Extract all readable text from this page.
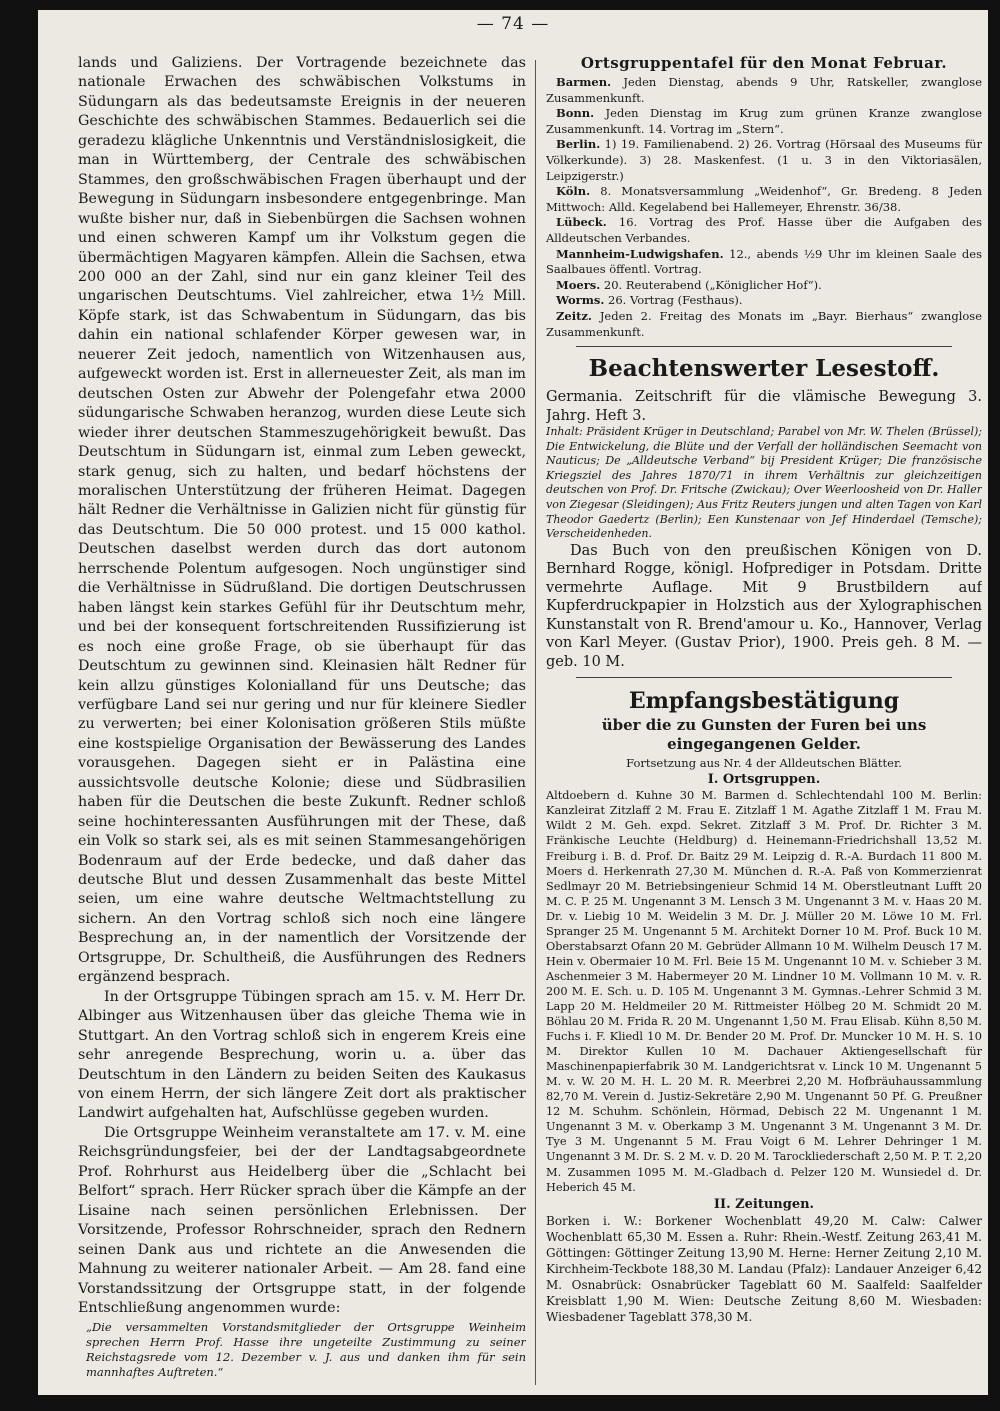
— 74 —

lands und Galiziens. Der Vortragende bezeichnete das nationale Erwachen des schwäbischen Volkstums in Südungarn als das bedeutsamste Ereignis in der neueren Geschichte des schwäbischen Stammes. Bedauerlich sei die geradezu klägliche Unkenntnis und Verständnislosigkeit, die man in Württemberg, der Centrale des schwäbischen Stammes, den großschwäbischen Fragen überhaupt und der Bewegung in Südungarn insbesondere entgegenbringe. Man wußte bisher nur, daß in Siebenbürgen die Sachsen wohnen und einen schweren Kampf um ihr Volkstum gegen die übermächtigen Magyaren kämpfen. Allein die Sachsen, etwa 200 000 an der Zahl, sind nur ein ganz kleiner Teil des ungarischen Deutschtums. Viel zahlreicher, etwa 1½ Mill. Köpfe stark, ist das Schwabentum in Südungarn, das bis dahin ein national schlafender Körper gewesen war, in neuerer Zeit jedoch, namentlich von Witzenhausen aus, aufgeweckt worden ist. Erst in allerneuester Zeit, als man im deutschen Osten zur Abwehr der Polengefahr etwa 2000 südungarische Schwaben heranzog, wurden diese Leute sich wieder ihrer deutschen Stammeszugehörigkeit bewußt. Das Deutschtum in Südungarn ist, einmal zum Leben geweckt, stark genug, sich zu halten, und bedarf höchstens der moralischen Unterstützung der früheren Heimat. Dagegen hält Redner die Verhältnisse in Galizien nicht für günstig für das Deutschtum. Die 50 000 protest. und 15 000 kathol. Deutschen daselbst werden durch das dort autonom herrschende Polentum aufgesogen. Noch ungünstiger sind die Verhältnisse in Südrußland. Die dortigen Deutschrussen haben längst kein starkes Gefühl für ihr Deutschtum mehr, und bei der konsequent fortschreitenden Russifizierung ist es noch eine große Frage, ob sie überhaupt für das Deutschtum zu gewinnen sind. Kleinasien hält Redner für kein allzu günstiges Kolonialland für uns Deutsche; das verfügbare Land sei nur gering und nur für kleinere Siedler zu verwerten; bei einer Kolonisation größeren Stils müßte eine kostspielige Organisation der Bewässerung des Landes vorausgehen. Dagegen sieht er in Palästina eine aussichtsvolle deutsche Kolonie; diese und Südbrasilien haben für die Deutschen die beste Zukunft. Redner schloß seine hochinteressanten Ausführungen mit der These, daß ein Volk so stark sei, als es mit seinen Stammesangehörigen Bodenraum auf der Erde bedecke, und daß daher das deutsche Blut und dessen Zusammenhalt das beste Mittel seien, um eine wahre deutsche Weltmachtstellung zu sichern. An den Vortrag schloß sich noch eine längere Besprechung an, in der namentlich der Vorsitzende der Ortsgruppe, Dr. Schultheiß, die Ausführungen des Redners ergänzend besprach.

In der Ortsgruppe Tübingen sprach am 15. v. M. Herr Dr. Albinger aus Witzenhausen über das gleiche Thema wie in Stuttgart. An den Vortrag schloß sich in engerem Kreis eine sehr anregende Besprechung, worin u. a. über das Deutschtum in den Ländern zu beiden Seiten des Kaukasus von einem Herrn, der sich längere Zeit dort als praktischer Landwirt aufgehalten hat, Aufschlüsse gegeben wurden.

Die Ortsgruppe Weinheim veranstaltete am 17. v. M. eine Reichsgründungsfeier, bei der der Landtagsabgeordnete Prof. Rohrhurst aus Heidelberg über die „Schlacht bei Belfort“ sprach. Herr Rücker sprach über die Kämpfe an der Lisaine nach seinen persönlichen Erlebnissen. Der Vorsitzende, Professor Rohrschneider, sprach den Rednern seinen Dank aus und richtete an die Anwesenden die Mahnung zu weiterer nationaler Arbeit. — Am 28. fand eine Vorstandssitzung der Ortsgruppe statt, in der folgende Entschließung angenommen wurde:

„Die versammelten Vorstandsmitglieder der Ortsgruppe Weinheim sprechen Herrn Prof. Hasse ihre ungeteilte Zustimmung zu seiner Reichstagsrede vom 12. Dezember v. J. aus und danken ihm für sein mannhaftes Auftreten.“

Ortsgruppentafel für den Monat Februar.

Barmen. Jeden Dienstag, abends 9 Uhr, Ratskeller, zwanglose Zusammenkunft.

Bonn. Jeden Dienstag im Krug zum grünen Kranze zwanglose Zusammenkunft. 14. Vortrag im „Stern“.

Berlin. 1) 19. Familienabend. 2) 26. Vortrag (Hörsaal des Museums für Völkerkunde). 3) 28. Maskenfest. (1 u. 3 in den Viktoriasälen, Leipzigerstr.)

Köln. 8. Monatsversammlung „Weidenhof“, Gr. Bredeng. 8 Jeden Mittwoch: Alld. Kegelabend bei Hallemeyer, Ehrenstr. 36/38.

Lübeck. 16. Vortrag des Prof. Hasse über die Aufgaben des Alldeutschen Verbandes.

Mannheim-Ludwigshafen. 12., abends ½9 Uhr im kleinen Saale des Saalbaues öffentl. Vortrag.

Moers. 20. Reuterabend („Königlicher Hof“).

Worms. 26. Vortrag (Festhaus).

Zeitz. Jeden 2. Freitag des Monats im „Bayr. Bierhaus“ zwanglose Zusammenkunft.

Beachtenswerter Lesestoff.

Germania. Zeitschrift für die vlämische Bewegung 3. Jahrg. Heft 3.

Inhalt: Präsident Krüger in Deutschland; Parabel von Mr. W. Thelen (Brüssel); Die Entwickelung, die Blüte und der Verfall der holländischen Seemacht von Nauticus; De „Alldeutsche Verband“ bij President Krüger; Die französische Kriegsziel des Jahres 1870/71 in ihrem Verhältnis zur gleichzeitigen deutschen von Prof. Dr. Fritsche (Zwickau); Over Weerloosheid von Dr. Haller von Ziegesar (Sleidingen); Aus Fritz Reuters jungen und alten Tagen von Karl Theodor Gaedertz (Berlin); Een Kunstenaar von Jef Hinderdael (Temsche); Verscheidenheden.

Das Buch von den preußischen Königen von D. Bernhard Rogge, königl. Hofprediger in Potsdam. Dritte vermehrte Auflage. Mit 9 Brustbildern auf Kupferdruckpapier in Holzstich aus der Xylographischen Kunstanstalt von R. Brend'amour u. Ko., Hannover, Verlag von Karl Meyer. (Gustav Prior), 1900. Preis geh. 8 M. — geb. 10 M.

Empfangsbestätigung

über die zu Gunsten der Furen bei uns eingegangenen Gelder.

Fortsetzung aus Nr. 4 der Alldeutschen Blätter.

I. Ortsgruppen.

Altdoebern d. Kuhne 30 M. Barmen d. Schlechtendahl 100 M. Berlin: Kanzleirat Zitzlaff 2 M. Frau E. Zitzlaff 1 M. Agathe Zitzlaff 1 M. Frau M. Wildt 2 M. Geh. expd. Sekret. Zitzlaff 3 M. Prof. Dr. Richter 3 M. Fränkische Leuchte (Heldburg) d. Heinemann-Friedrichshall 13,52 M. Freiburg i. B. d. Prof. Dr. Baitz 29 M. Leipzig d. R.-A. Burdach 11 800 M. Moers d. Herkenrath 27,30 M. München d. R.-A. Paß von Kommerzienrat Sedlmayr 20 M. Betriebsingenieur Schmid 14 M. Oberstleutnant Lufft 20 M. C. P. 25 M. Ungenannt 3 M. Lensch 3 M. Ungenannt 3 M. v. Haas 20 M. Dr. v. Liebig 10 M. Weidelin 3 M. Dr. J. Müller 20 M. Löwe 10 M. Frl. Spranger 25 M. Ungenannt 5 M. Architekt Dorner 10 M. Prof. Buck 10 M. Oberstabsarzt Ofann 20 M. Gebrüder Allmann 10 M. Wilhelm Deusch 17 M. Hein v. Obermaier 10 M. Frl. Beie 15 M. Ungenannt 10 M. v. Schieber 3 M. Aschenmeier 3 M. Habermeyer 20 M. Lindner 10 M. Vollmann 10 M. v. R. 200 M. E. Sch. u. D. 105 M. Ungenannt 3 M. Gymnas.-Lehrer Schmid 3 M. Lapp 20 M. Heldmeiler 20 M. Rittmeister Hölbeg 20 M. Schmidt 20 M. Böhlau 20 M. Frida R. 20 M. Ungenannt 1,50 M. Frau Elisab. Kühn 8,50 M. Fuchs i. F. Kliedl 10 M. Dr. Bender 20 M. Prof. Dr. Muncker 10 M. H. S. 10 M. Direktor Kullen 10 M. Dachauer Aktiengesellschaft für Maschinenpapierfabrik 30 M. Landgerichtsrat v. Linck 10 M. Ungenannt 5 M. v. W. 20 M. H. L. 20 M. R. Meerbrei 2,20 M. Hofbräuhaussammlung 82,70 M. Verein d. Justiz-Sekretäre 2,90 M. Ungenannt 50 Pf. G. Preußner 12 M. Schuhm. Schönlein, Hörmad, Debisch 22 M. Ungenannt 1 M. Ungenannt 3 M. v. Oberkamp 3 M. Ungenannt 3 M. Ungenannt 3 M. Dr. Tye 3 M. Ungenannt 5 M. Frau Voigt 6 M. Lehrer Dehringer 1 M. Ungenannt 3 M. Dr. S. 2 M. v. D. 20 M. Tarockliederschaft 2,50 M. P. T. 2,20 M. Zusammen 1095 M. M.-Gladbach d. Pelzer 120 M. Wunsiedel d. Dr. Heberich 45 M.

II. Zeitungen.

Borken i. W.: Borkener Wochenblatt 49,20 M. Calw: Calwer Wochenblatt 65,30 M. Essen a. Ruhr: Rhein.-Westf. Zeitung 263,41 M. Göttingen: Göttinger Zeitung 13,90 M. Herne: Herner Zeitung 2,10 M. Kirchheim-Teckbote 188,30 M. Landau (Pfalz): Landauer Anzeiger 6,42 M. Osnabrück: Osnabrücker Tageblatt 60 M. Saalfeld: Saalfelder Kreisblatt 1,90 M. Wien: Deutsche Zeitung 8,60 M. Wiesbaden: Wiesbadener Tageblatt 378,30 M.
